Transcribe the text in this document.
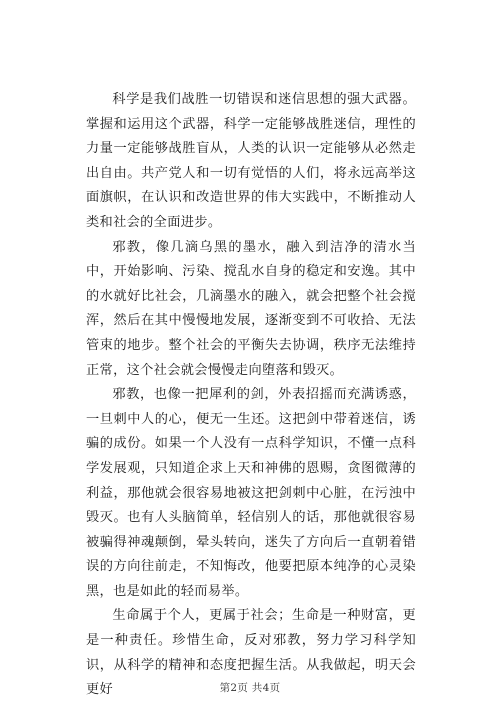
科学是我们战胜一切错误和迷信思想的强大武器。掌握和运用这个武器，科学一定能够战胜迷信，理性的力量一定能够战胜盲从，人类的认识一定能够从必然走出自由。共产党人和一切有觉悟的人们，将永远高举这面旗帜，在认识和改造世界的伟大实践中，不断推动人类和社会的全面进步。

邪教，像几滴乌黑的墨水，融入到洁净的清水当中，开始影响、污染、搅乱水自身的稳定和安逸。其中的水就好比社会，几滴墨水的融入，就会把整个社会搅浑，然后在其中慢慢地发展，逐渐变到不可收拾、无法管束的地步。整个社会的平衡失去协调，秩序无法维持正常，这个社会就会慢慢走向堕落和毁灭。

邪教，也像一把犀利的剑，外表招摇而充满诱惑，一旦刺中人的心，便无一生还。这把剑中带着迷信，诱骗的成份。如果一个人没有一点科学知识，不懂一点科学发展观，只知道企求上天和神佛的恩赐，贪图微薄的利益，那他就会很容易地被这把剑刺中心脏，在污浊中毁灭。也有人头脑简单，轻信别人的话，那他就很容易被骗得神魂颠倒，晕头转向，迷失了方向后一直朝着错误的方向往前走，不知悔改，他要把原本纯净的心灵染黑，也是如此的轻而易举。

生命属于个人，更属于社会；生命是一种财富，更是一种责任。珍惜生命，反对邪教，努力学习科学知识，从科学的精神和态度把握生活。从我做起，明天会更好	第2页 共4页
